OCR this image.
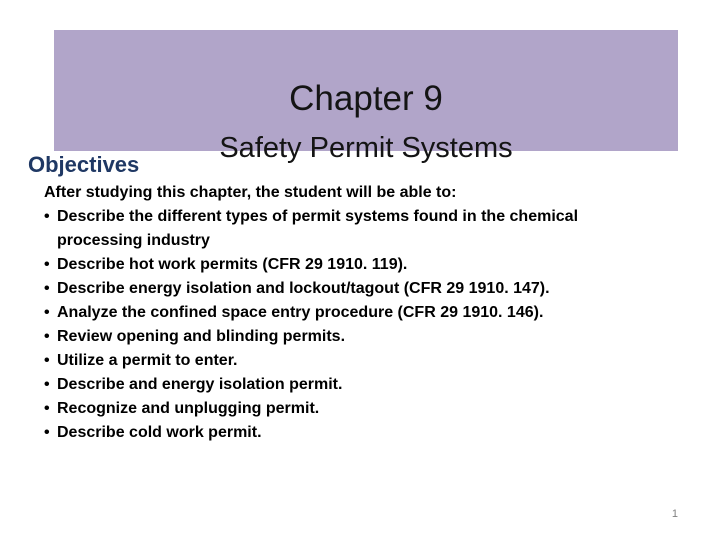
Chapter 9
Safety Permit Systems
Objectives
After studying this chapter, the student will be able to:
• Describe the different types of permit systems found in the chemical processing industry
• Describe hot work permits (CFR 29 1910. 119).
• Describe energy isolation and lockout/tagout (CFR 29 1910. 147).
• Analyze the confined space entry procedure (CFR 29 1910. 146).
• Review opening and blinding permits.
• Utilize a permit to enter.
• Describe and energy isolation permit.
• Recognize and unplugging permit.
• Describe cold work permit.
1
